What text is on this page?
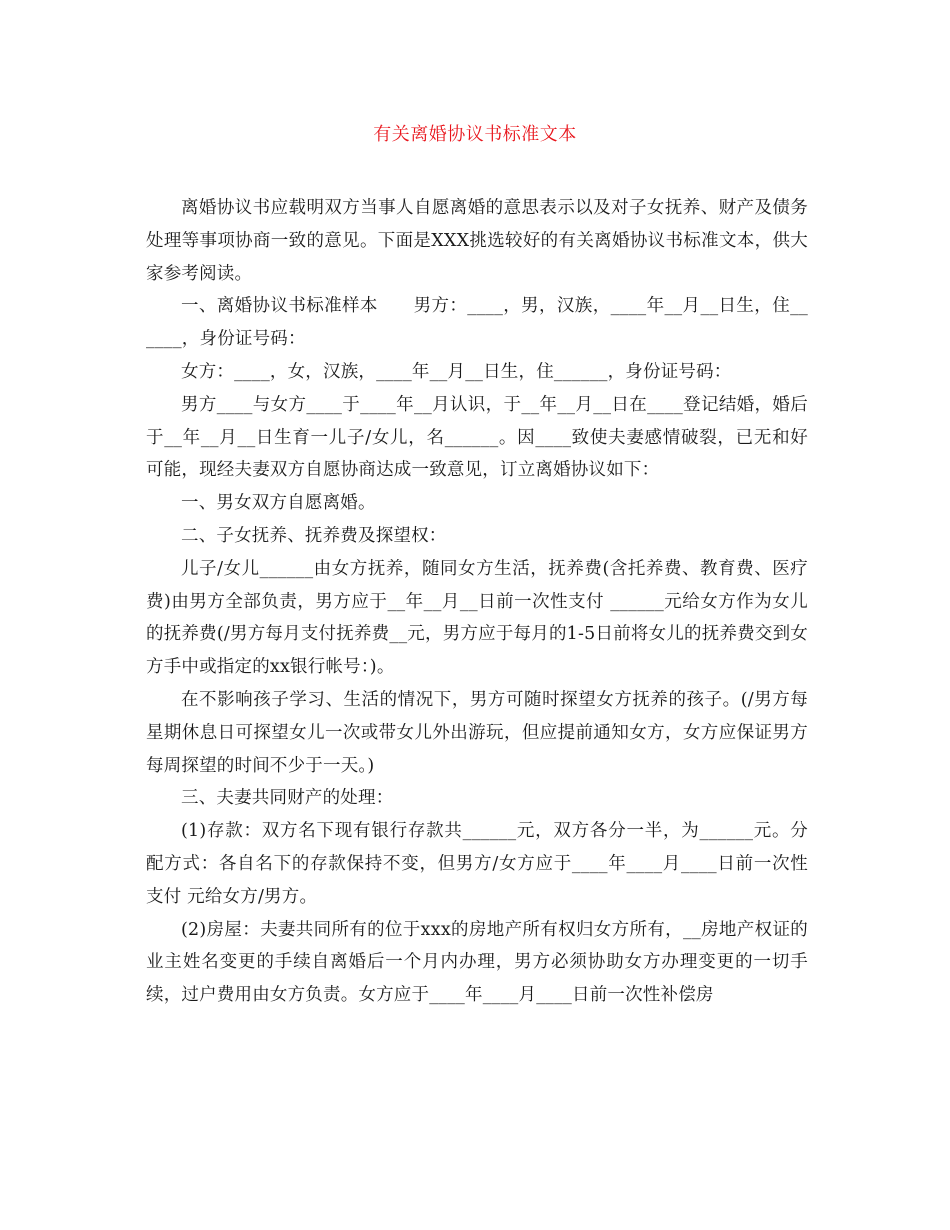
有关离婚协议书标准文本

离婚协议书应载明双方当事人自愿离婚的意思表示以及对子女抚养、财产及债务处理等事项协商一致的意见。下面是XXX挑选较好的有关离婚协议书标准文本，供大家参考阅读。

一、离婚协议书标准样本　　男方：____，男，汉族，____年__月__日生，住______，身份证号码：

女方：____，女，汉族，____年__月__日生，住______，身份证号码：

男方____与女方____于____年__月认识，于__年__月__日在____登记结婚，婚后于__年__月__日生育一儿子/女儿，名______。因____致使夫妻感情破裂，已无和好可能，现经夫妻双方自愿协商达成一致意见，订立离婚协议如下：

一、男女双方自愿离婚。

二、子女抚养、抚养费及探望权：

儿子/女儿______由女方抚养，随同女方生活，抚养费(含托养费、教育费、医疗费)由男方全部负责，男方应于__年__月__日前一次性支付 ______元给女方作为女儿的抚养费(/男方每月支付抚养费__元，男方应于每月的1-5日前将女儿的抚养费交到女方手中或指定的xx银行帐号：)。

在不影响孩子学习、生活的情况下，男方可随时探望女方抚养的孩子。(/男方每星期休息日可探望女儿一次或带女儿外出游玩，但应提前通知女方，女方应保证男方每周探望的时间不少于一天。)

三、夫妻共同财产的处理：

(1)存款：双方名下现有银行存款共______元，双方各分一半，为______元。分配方式：各自名下的存款保持不变，但男方/女方应于____年____月____日前一次性支付 元给女方/男方。

(2)房屋：夫妻共同所有的位于xxx的房地产所有权归女方所有，__房地产权证的业主姓名变更的手续自离婚后一个月内办理，男方必须协助女方办理变更的一切手续，过户费用由女方负责。女方应于____年____月____日前一次性补偿房
